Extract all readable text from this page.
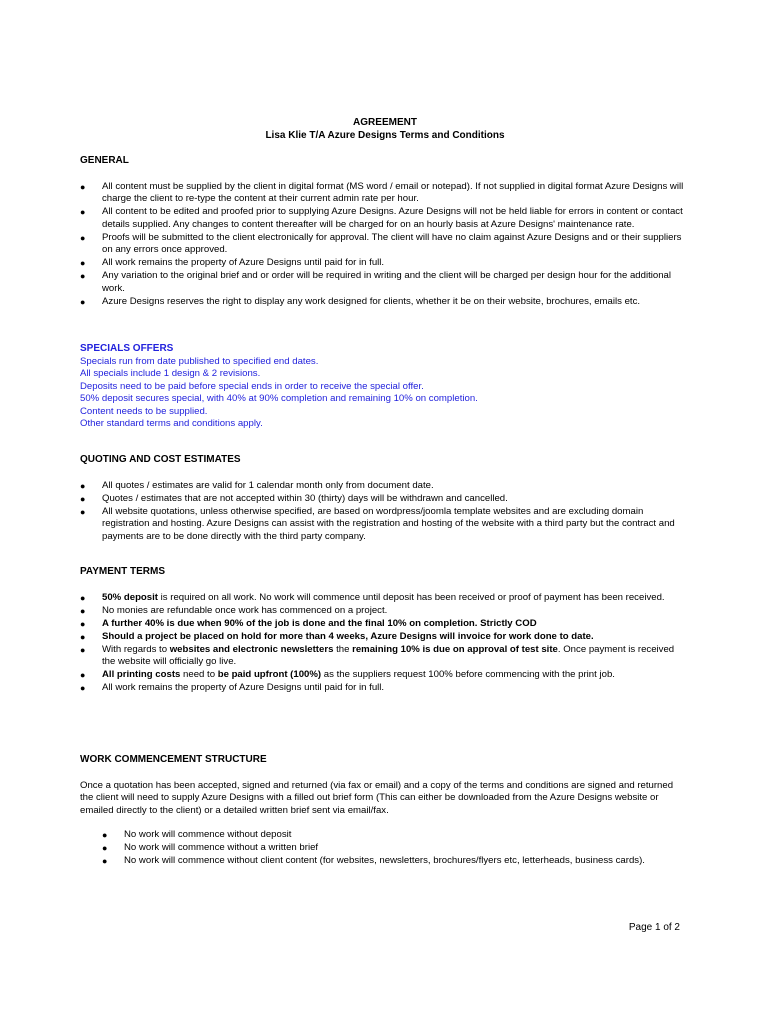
AGREEMENT
Lisa Klie T/A Azure Designs Terms and Conditions
GENERAL
● All content must be supplied by the client in digital format (MS word / email or notepad). If not supplied in digital format Azure Designs will charge the client to re-type the content at their current admin rate per hour.
● All content to be edited and proofed prior to supplying Azure Designs. Azure Designs will not be held liable for errors in content or contact details supplied. Any changes to content thereafter will be charged for on an hourly basis at Azure Designs' maintenance rate.
● Proofs will be submitted to the client electronically for approval. The client will have no claim against Azure Designs and or their suppliers on any errors once approved.
● All work remains the property of Azure Designs until paid for in full.
● Any variation to the original brief and or order will be required in writing and the client will be charged per design hour for the additional work.
● Azure Designs reserves the right to display any work designed for clients, whether it be on their website, brochures, emails etc.
SPECIALS OFFERS
Specials run from date published to specified end dates.
All specials include 1 design & 2 revisions.
Deposits need to be paid before special ends in order to receive the special offer.
50% deposit secures special, with 40% at 90% completion and remaining 10% on completion.
Content needs to be supplied.
Other standard terms and conditions apply.
QUOTING AND COST ESTIMATES
● All quotes / estimates are valid for 1 calendar month only from document date.
● Quotes / estimates that are not accepted within 30 (thirty) days will be withdrawn and cancelled.
● All website quotations, unless otherwise specified, are based on wordpress/joomla template websites and are excluding domain registration and hosting. Azure Designs can assist with the registration and hosting of the website with a third party but the contract and payments are to be done directly with the third party company.
PAYMENT TERMS
● 50% deposit is required on all work. No work will commence until deposit has been received or proof of payment has been received.
● No monies are refundable once work has commenced on a project.
● A further 40% is due when 90% of the job is done and the final 10% on completion. Strictly COD
● Should a project be placed on hold for more than 4 weeks, Azure Designs will invoice for work done to date.
● With regards to websites and electronic newsletters the remaining 10% is due on approval of test site. Once payment is received the website will officially go live.
● All printing costs need to be paid upfront (100%) as the suppliers request 100% before commencing with the print job.
● All work remains the property of Azure Designs until paid for in full.
WORK COMMENCEMENT STRUCTURE
Once a quotation has been accepted, signed and returned (via fax or email) and a copy of the terms and conditions are signed and returned the client will need to supply Azure Designs with a filled out brief form (This can either be downloaded from the Azure Designs website or emailed directly to the client) or a detailed written brief sent via email/fax.
● No work will commence without deposit
● No work will commence without a written brief
● No work will commence without client content (for websites, newsletters, brochures/flyers etc, letterheads, business cards).
Page 1 of 2
